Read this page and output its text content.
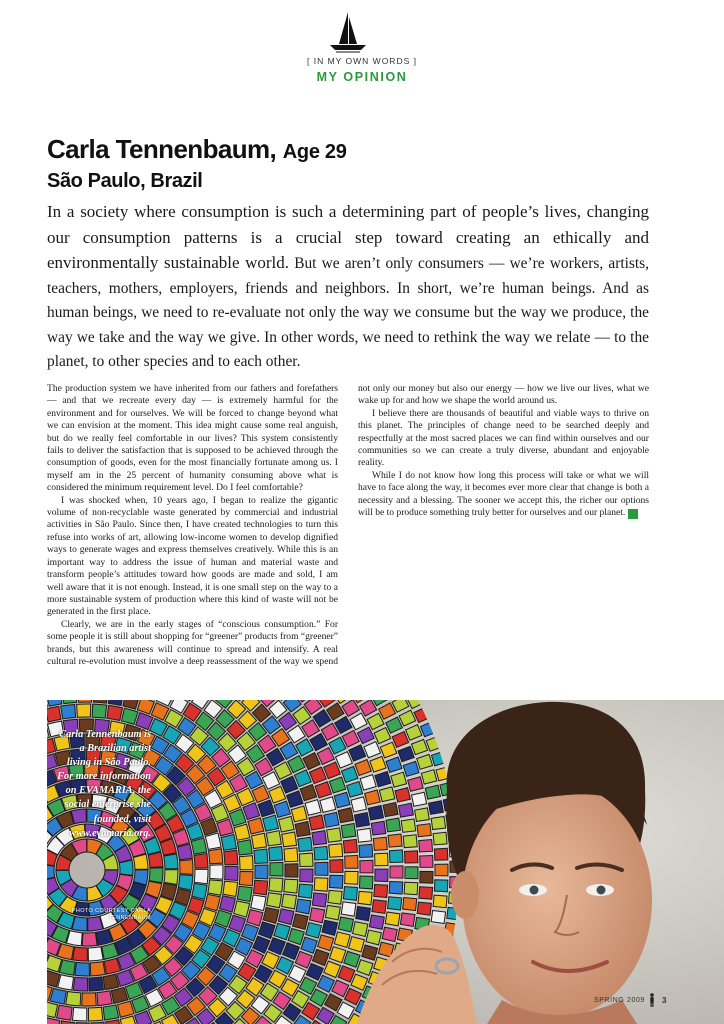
[ IN MY OWN WORDS ]
MY OPINION
Carla Tennenbaum, Age 29
São Paulo, Brazil

In a society where consumption is such a determining part of people’s lives, changing our consumption patterns is a crucial step toward creating an ethically and environmentally sustainable world. But we aren’t only consumers — we’re workers, artists, teachers, mothers, employers, friends and neighbors. In short, we’re human beings. And as human beings, we need to re-evaluate not only the way we consume but the way we produce, the way we take and the way we give. In other words, we need to rethink the way we relate — to the planet, to other species and to each other.

The production system we have inherited from our fathers and forefathers — and that we recreate every day — is extremely harmful for the environment and for ourselves. We will be forced to change beyond what we can envision at the moment. This idea might cause some real anguish, but do we really feel comfortable in our lives? This system consistently fails to deliver the satisfaction that is supposed to be achieved through the consumption of goods, even for the most financially fortunate among us. I myself am in the 25 percent of humanity consuming above what is considered the minimum requirement level. Do I feel comfortable?

I was shocked when, 10 years ago, I began to realize the gigantic volume of non-recyclable waste generated by commercial and industrial activities in São Paulo. Since then, I have created technologies to turn this refuse into works of art, allowing low-income women to develop dignified ways to generate wages and express themselves creatively. While this is an important way to address the issue of human and material waste and transform people’s attitudes toward how goods are made and sold, I am well aware that it is not enough. Instead, it is one small step on the way to a more sustainable system of production where this kind of waste will not be generated in the first place.

Clearly, we are in the early stages of “conscious consumption.” For some people it is still about shopping for “greener” products from “greener” brands, but this awareness will continue to spread and intensify. A real cultural re-evolution must involve a deep reassessment of the way we spend not only our money but also our energy — how we live our lives, what we wake up for and how we shape the world around us.

I believe there are thousands of beautiful and viable ways to thrive on this planet. The principles of change need to be searched deeply and respectfully at the most sacred places we can find within ourselves and our communities so we can create a truly diverse, abundant and enjoyable reality.

While I do not know how long this process will take or what we will have to face along the way, it becomes ever more clear that change is both a necessity and a blessing. The sooner we accept this, the richer our options will be to produce something truly better for ourselves and our planet. Y

Carla Tennenbaum is a Brazilian artist living in São Paulo. For more information on EVAMARIA, the social enterprise she founded, visit www.evamaria.org.
PHOTO COURTESY CARLA TENNENBAUM
SPRING 2009 3
